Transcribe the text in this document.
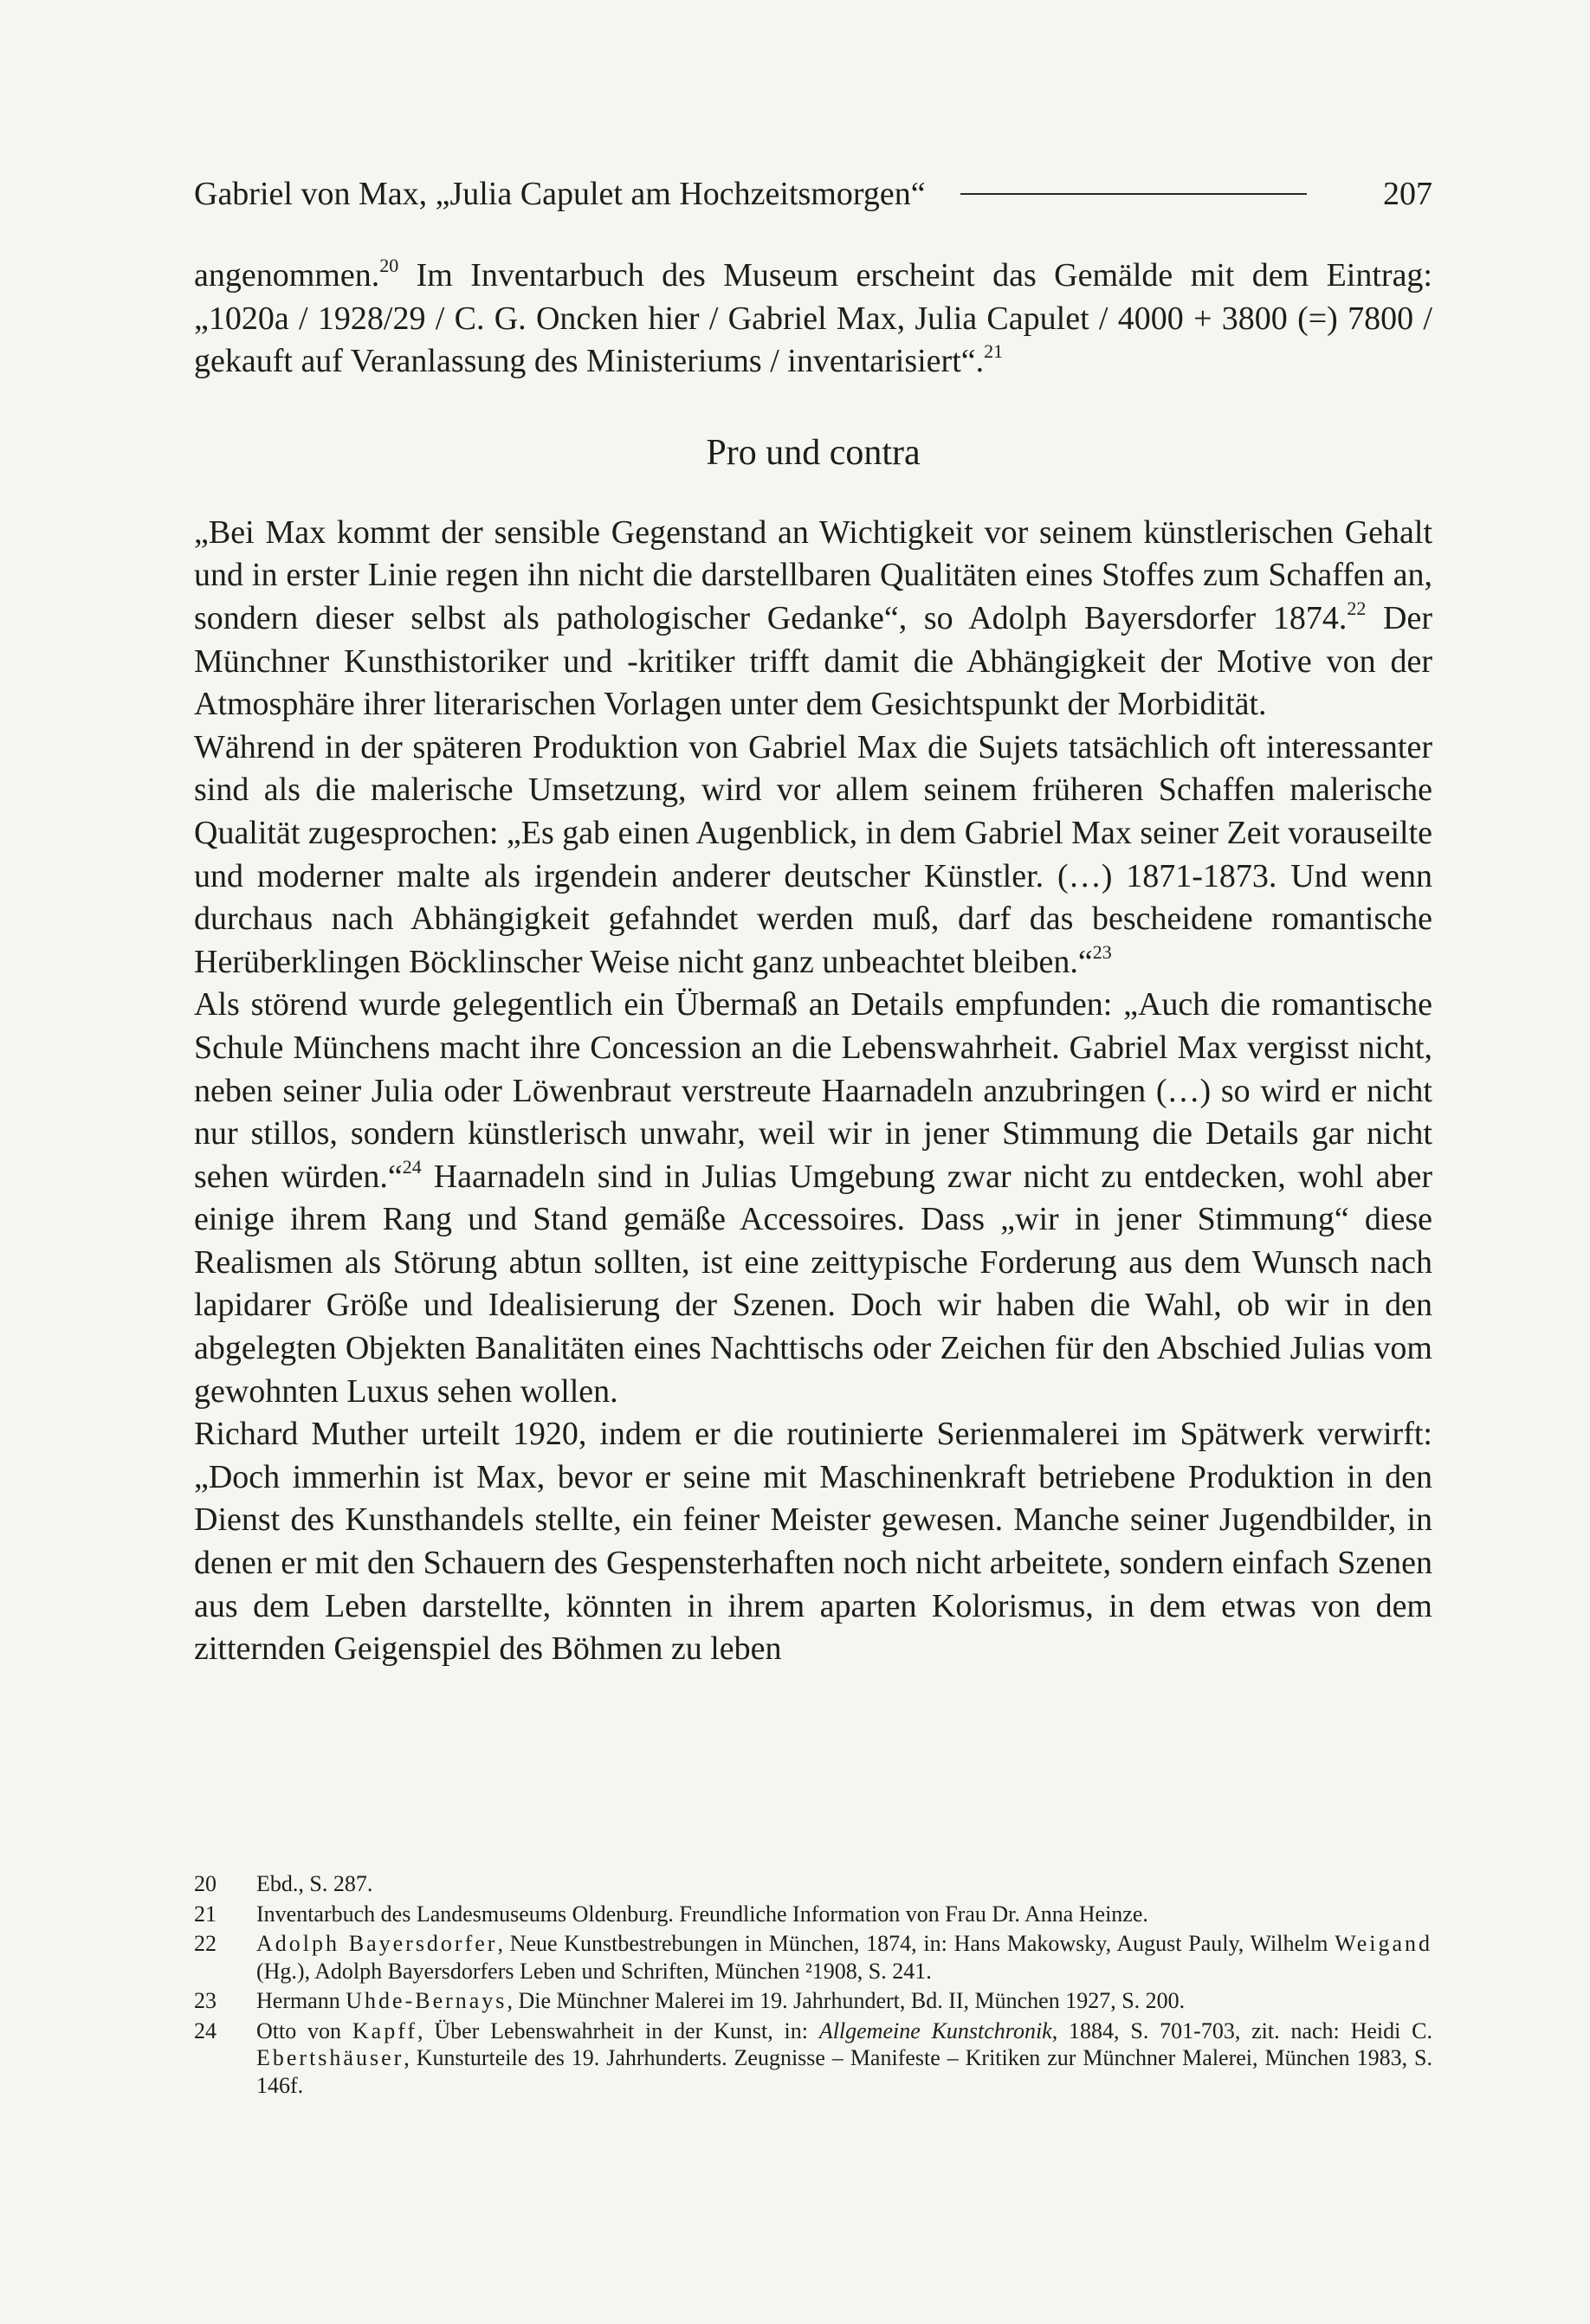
Gabriel von Max, „Julia Capulet am Hochzeitsmorgen“	207

angenommen.$^{20}$ Im Inventarbuch des Museum erscheint das Gemälde mit dem Eintrag: „1020a / 1928/29 / C. G. Oncken hier / Gabriel Max, Julia Capulet / 4000 + 3800 (=) 7800 / gekauft auf Veranlassung des Ministeriums / inventarisiert“.$^{21}$

Pro und contra

„Bei Max kommt der sensible Gegenstand an Wichtigkeit vor seinem künstlerischen Gehalt und in erster Linie regen ihn nicht die darstellbaren Qualitäten eines Stoffes zum Schaffen an, sondern dieser selbst als pathologischer Gedanke“, so Adolph Bayersdorfer 1874.22 Der Münchner Kunsthistoriker und -kritiker trifft damit die Abhängigkeit der Motive von der Atmosphäre ihrer literarischen Vorlagen unter dem Gesichtspunkt der Morbidität.

Während in der späteren Produktion von Gabriel Max die Sujets tatsächlich oft interessanter sind als die malerische Umsetzung, wird vor allem seinem früheren Schaffen malerische Qualität zugesprochen: „Es gab einen Augenblick, in dem Gabriel Max seiner Zeit vorauseilte und moderner malte als irgendein anderer deutscher Künstler. (…) 1871-1873. Und wenn durchaus nach Abhängigkeit gefahndet werden muß, darf das bescheidene romantische Herüberklingen Böcklinscher Weise nicht ganz unbeachtet bleiben.“$^{23}$

Als störend wurde gelegentlich ein Übermaß an Details empfunden: „Auch die romantische Schule Münchens macht ihre Concession an die Lebenswahrheit. Gabriel Max vergisst nicht, neben seiner Julia oder Löwenbraut verstreute Haarnadeln anzubringen (…) so wird er nicht nur stillos, sondern künstlerisch unwahr, weil wir in jener Stimmung die Details gar nicht sehen würden.“$^{24}$ Haarnadeln sind in Julias Umgebung zwar nicht zu entdecken, wohl aber einige ihrem Rang und Stand gemäße Accessoires. Dass „wir in jener Stimmung“ diese Realismen als Störung abtun sollten, ist eine zeittypische Forderung aus dem Wunsch nach lapidarer Größe und Idealisierung der Szenen. Doch wir haben die Wahl, ob wir in den abgelegten Objekten Banalitäten eines Nachttischs oder Zeichen für den Abschied Julias vom gewohnten Luxus sehen wollen.

Richard Muther urteilt 1920, indem er die routinierte Serienmalerei im Spätwerk verwirft: „Doch immerhin ist Max, bevor er seine mit Maschinenkraft betriebene Produktion in den Dienst des Kunsthandels stellte, ein feiner Meister gewesen. Manche seiner Jugendbilder, in denen er mit den Schauern des Gespensterhaften noch nicht arbeitete, sondern einfach Szenen aus dem Leben darstellte, könnten in ihrem aparten Kolorismus, in dem etwas von dem zitternden Geigenspiel des Böhmen zu leben

20	Ebd., S. 287.
21	Inventarbuch des Landesmuseums Oldenburg. Freundliche Information von Frau Dr. Anna Heinze.
22	Adolph Bayersdorfer, Neue Kunstbestrebungen in München, 1874, in: Hans Makowsky, August Pauly, Wilhelm Weigand (Hg.), Adolph Bayersdorfers Leben und Schriften, München ²1908, S. 241.
23	Hermann Uhde-Bernays, Die Münchner Malerei im 19. Jahrhundert, Bd. II, München 1927, S. 200.
24	Otto von Kapff, Über Lebenswahrheit in der Kunst, in: Allgemeine Kunstchronik, 1884, S. 701-703, zit. nach: Heidi C. Ebertshäuser, Kunsturteile des 19. Jahrhunderts. Zeugnisse – Manifeste – Kritiken zur Münchner Malerei, München 1983, S. 146f.
